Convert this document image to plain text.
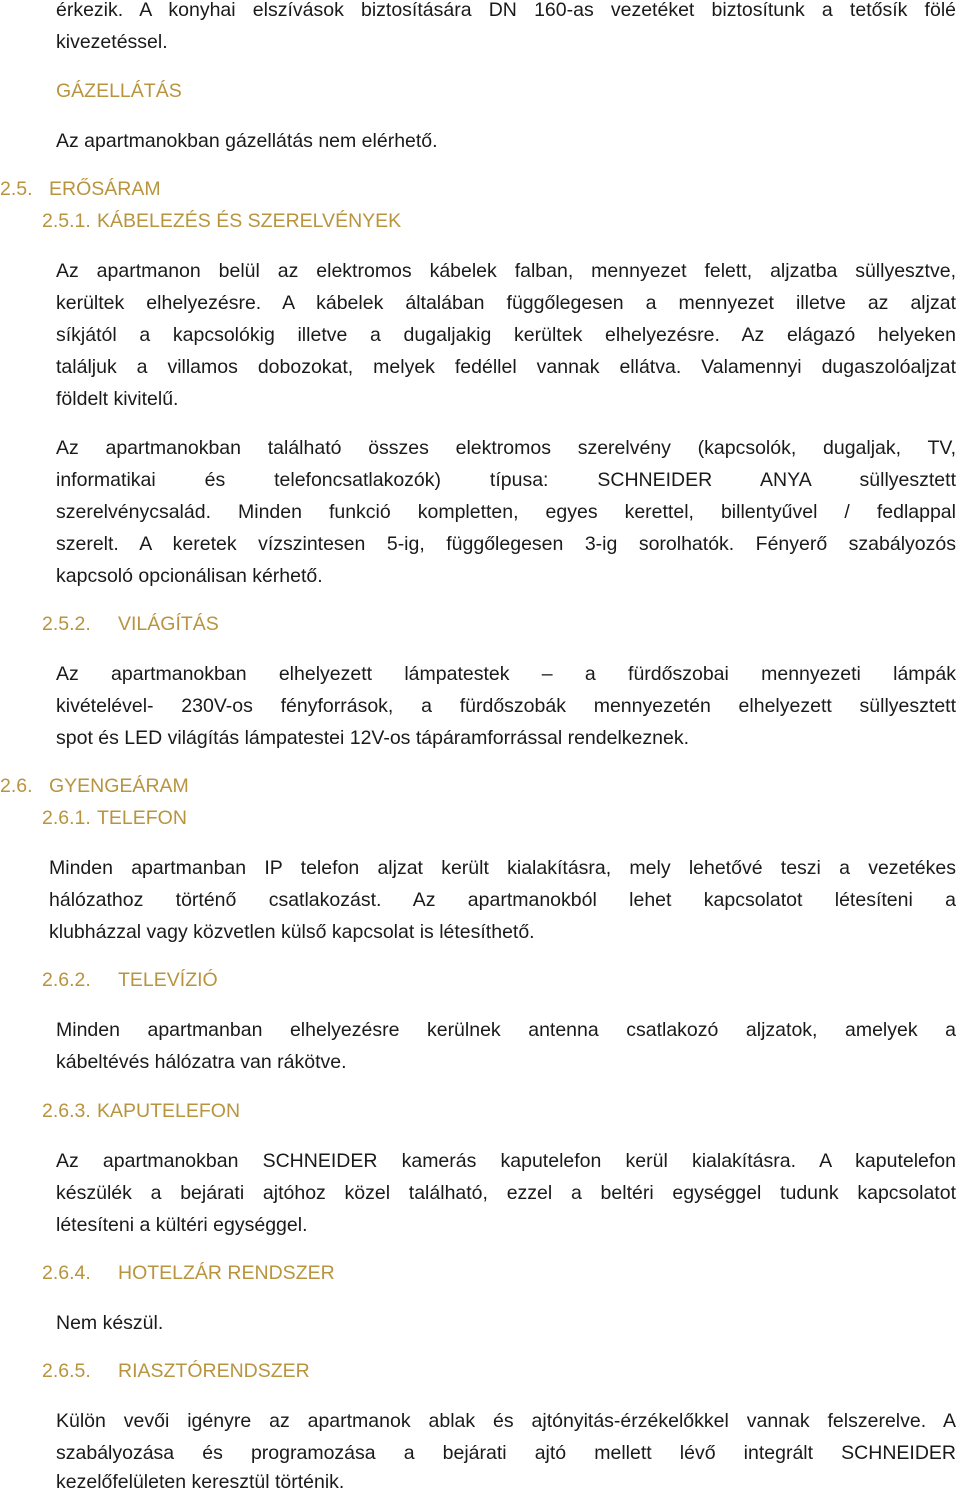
érkezik. A konyhai elszívások biztosítására DN 160-as vezetéket biztosítunk a tetősík fölé
kivezetéssel.
GÁZELLÁTÁS
Az apartmanokban gázellátás nem elérhető.
2.5. ERŐSÁRAM
2.5.1. KÁBELEZÉS ÉS SZERELVÉNYEK
Az apartmanon belül az elektromos kábelek falban, mennyezet felett, aljzatba süllyesztve,
kerültek elhelyezésre. A kábelek általában függőlegesen a mennyezet illetve az aljzat
síkjától a kapcsolókig illetve a dugaljakig kerültek elhelyezésre. Az elágazó helyeken
találjuk a villamos dobozokat, melyek fedéllel vannak ellátva. Valamennyi dugaszolóaljzat
földelt kivitelű.
Az apartmanokban található összes elektromos szerelvény (kapcsolók, dugaljak, TV,
informatikai és telefoncsatlakozók) típusa: SCHNEIDER ANYA süllyesztett
szerelvénycsalád. Minden funkció kompletten, egyes kerettel, billentyűvel / fedlappal
szerelt. A keretek vízszintesen 5-ig, függőlegesen 3-ig sorolhatók. Fényerő szabályozós
kapcsoló opcionálisan kérhető.
2.5.2. VILÁGÍTÁS
Az apartmanokban elhelyezett lámpatestek – a fürdőszobai mennyezeti lámpák
kivételével- 230V-os fényforrások, a fürdőszobák mennyezetén elhelyezett süllyesztett
spot és LED világítás lámpatestei 12V-os tápáramforrással rendelkeznek.
2.6. GYENGEÁRAM
2.6.1. TELEFON
Minden apartmanban IP telefon aljzat került kialakításra, mely lehetővé teszi a vezetékes
hálózathoz történő csatlakozást. Az apartmanokból lehet kapcsolatot létesíteni a
klubházzal vagy közvetlen külső kapcsolat is létesíthető.
2.6.2. TELEVÍZIÓ
Minden apartmanban elhelyezésre kerülnek antenna csatlakozó aljzatok, amelyek a
kábeltévés hálózatra van rákötve.
2.6.3. KAPUTELEFON
Az apartmanokban SCHNEIDER kamerás kaputelefon kerül kialakításra. A kaputelefon
készülék a bejárati ajtóhoz közel található, ezzel a beltéri egységgel tudunk kapcsolatot
létesíteni a kültéri egységgel.
2.6.4. HOTELZÁR RENDSZER
Nem készül.
2.6.5. RIASZTÓRENDSZER
Külön vevői igényre az apartmanok ablak és ajtónyitás-érzékelőkkel vannak felszerelve. A
szabályozása és programozása a bejárati ajtó mellett lévő integrált SCHNEIDER
kezelőfelületen keresztül történik.
